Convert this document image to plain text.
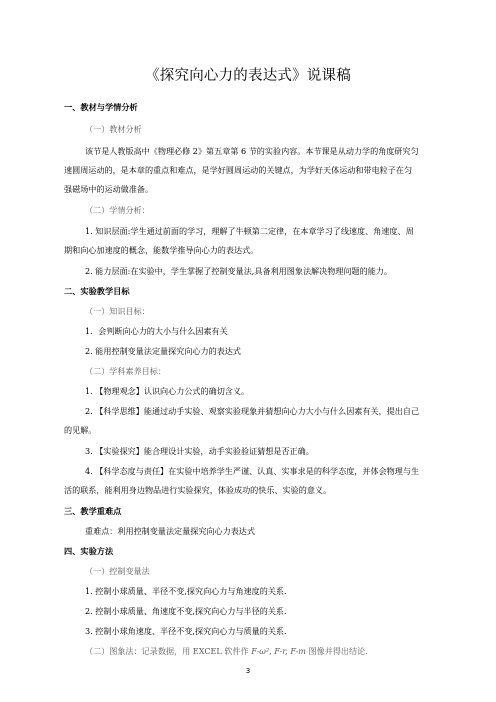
《探究向心力的表达式》说课稿
一、教材与学情分析
（一）教材分析
该节是人教版高中《物理必修 2》第五章第 6 节的实验内容。本节课是从动力学的角度研究匀
速圆周运动的，是本章的重点和难点，是学好圆周运动的关键点，为学好天体运动和带电粒子在匀
强磁场中的运动做准备。
（二）学情分析：
1. 知识层面:学生通过前面的学习，理解了牛顿第二定律，在本章学习了线速度、角速度、周
期和向心加速度的概念，能数学推导向心力的表达式。
2. 能力层面:在实验中，学生掌握了控制变量法,具备利用图象法解决物理问题的能力。
二、实验教学目标
（一）知识目标：
1．会判断向心力的大小与什么因素有关
2. 能用控制变量法定量探究向心力的表达式
（二）学科素养目标：
1. 【物理观念】认识向心力公式的确切含义。
2. 【科学思维】能通过动手实验、观察实验现象并猜想向心力大小与什么因素有关，提出自己
的见解。
3. 【实验探究】能合理设计实验，动手实验验证猜想是否正确。
4. 【科学态度与责任】在实验中培养学生严谨、认真、实事求是的科学态度，并体会物理与生
活的联系，能利用身边物品进行实验探究，体验成功的快乐、实验的意义。
三、教学重难点
重难点：利用控制变量法定量探究向心力表达式
四、实验方法
（一）控制变量法
1. 控制小球质量、半径不变,探究向心力与角速度的关系.
2. 控制小球质量、角速度不变,探究向心力与半径的关系.
3. 控制小球角速度、半径不变,探究向心力与质量的关系.
（二）图象法：记录数据，用 EXCEL 软件作 F-ω², F-r, F-m 图像并得出结论.
3
